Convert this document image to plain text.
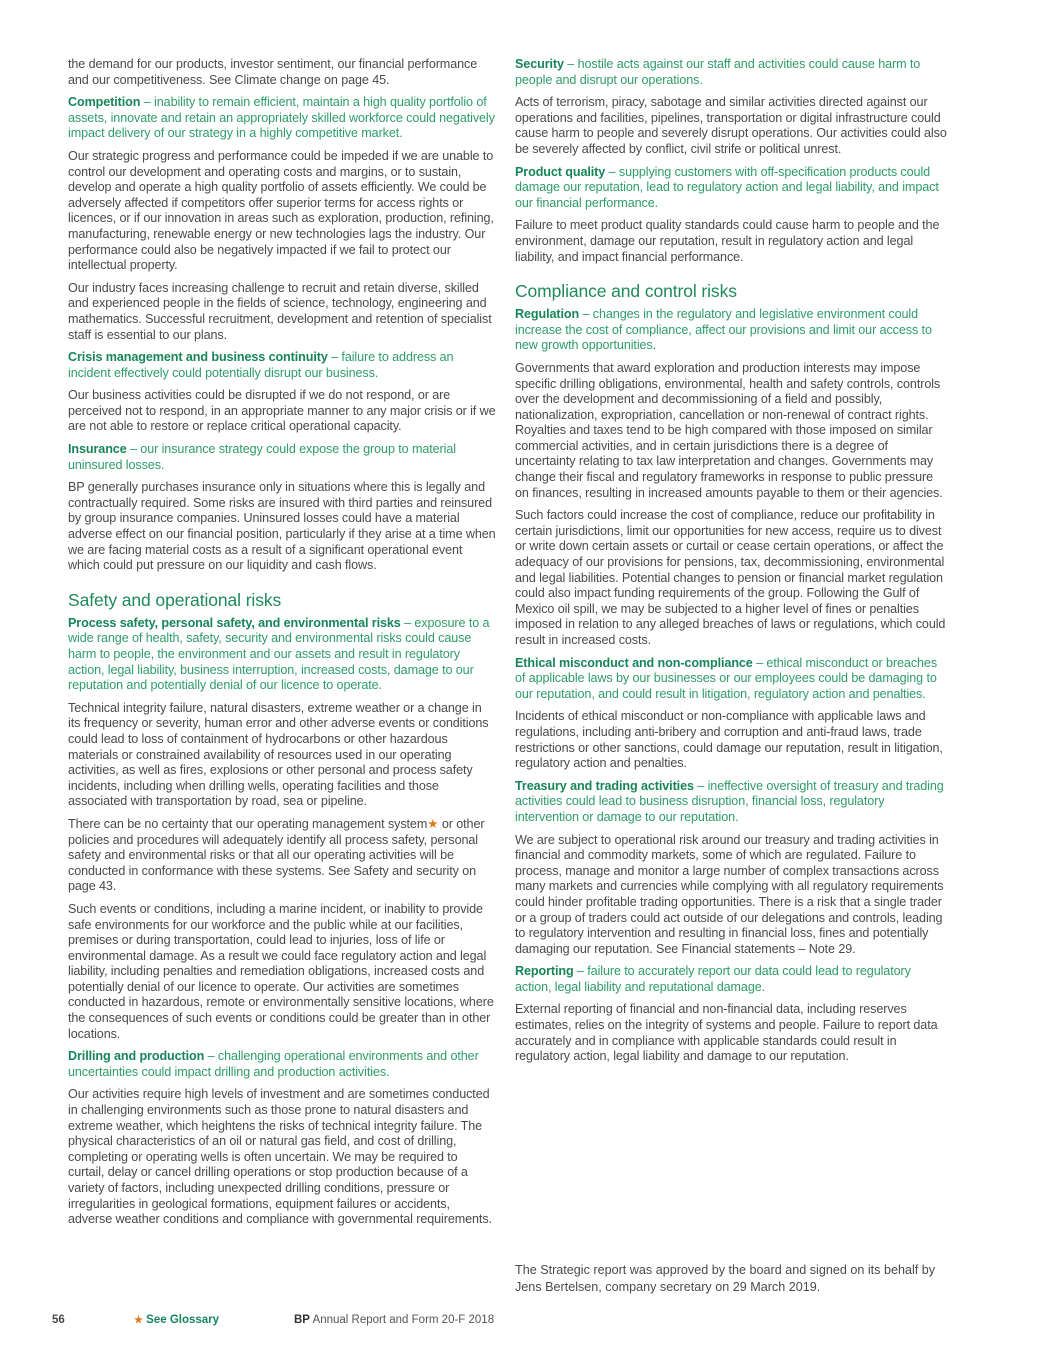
the demand for our products, investor sentiment, our financial performance and our competitiveness. See Climate change on page 45.

Competition – inability to remain efficient, maintain a high quality portfolio of assets, innovate and retain an appropriately skilled workforce could negatively impact delivery of our strategy in a highly competitive market.

Our strategic progress and performance could be impeded if we are unable to control our development and operating costs and margins, or to sustain, develop and operate a high quality portfolio of assets efficiently. We could be adversely affected if competitors offer superior terms for access rights or licences, or if our innovation in areas such as exploration, production, refining, manufacturing, renewable energy or new technologies lags the industry. Our performance could also be negatively impacted if we fail to protect our intellectual property.

Our industry faces increasing challenge to recruit and retain diverse, skilled and experienced people in the fields of science, technology, engineering and mathematics. Successful recruitment, development and retention of specialist staff is essential to our plans.

Crisis management and business continuity – failure to address an incident effectively could potentially disrupt our business.

Our business activities could be disrupted if we do not respond, or are perceived not to respond, in an appropriate manner to any major crisis or if we are not able to restore or replace critical operational capacity.

Insurance – our insurance strategy could expose the group to material uninsured losses.

BP generally purchases insurance only in situations where this is legally and contractually required. Some risks are insured with third parties and reinsured by group insurance companies. Uninsured losses could have a material adverse effect on our financial position, particularly if they arise at a time when we are facing material costs as a result of a significant operational event which could put pressure on our liquidity and cash flows.

Safety and operational risks

Process safety, personal safety, and environmental risks – exposure to a wide range of health, safety, security and environmental risks could cause harm to people, the environment and our assets and result in regulatory action, legal liability, business interruption, increased costs, damage to our reputation and potentially denial of our licence to operate.

Technical integrity failure, natural disasters, extreme weather or a change in its frequency or severity, human error and other adverse events or conditions could lead to loss of containment of hydrocarbons or other hazardous materials or constrained availability of resources used in our operating activities, as well as fires, explosions or other personal and process safety incidents, including when drilling wells, operating facilities and those associated with transportation by road, sea or pipeline.

There can be no certainty that our operating management system★ or other policies and procedures will adequately identify all process safety, personal safety and environmental risks or that all our operating activities will be conducted in conformance with these systems. See Safety and security on page 43.

Such events or conditions, including a marine incident, or inability to provide safe environments for our workforce and the public while at our facilities, premises or during transportation, could lead to injuries, loss of life or environmental damage. As a result we could face regulatory action and legal liability, including penalties and remediation obligations, increased costs and potentially denial of our licence to operate. Our activities are sometimes conducted in hazardous, remote or environmentally sensitive locations, where the consequences of such events or conditions could be greater than in other locations.

Drilling and production – challenging operational environments and other uncertainties could impact drilling and production activities.

Our activities require high levels of investment and are sometimes conducted in challenging environments such as those prone to natural disasters and extreme weather, which heightens the risks of technical integrity failure. The physical characteristics of an oil or natural gas field, and cost of drilling, completing or operating wells is often uncertain. We may be required to curtail, delay or cancel drilling operations or stop production because of a variety of factors, including unexpected drilling conditions, pressure or irregularities in geological formations, equipment failures or accidents, adverse weather conditions and compliance with governmental requirements.

Security – hostile acts against our staff and activities could cause harm to people and disrupt our operations.

Acts of terrorism, piracy, sabotage and similar activities directed against our operations and facilities, pipelines, transportation or digital infrastructure could cause harm to people and severely disrupt operations. Our activities could also be severely affected by conflict, civil strife or political unrest.

Product quality – supplying customers with off-specification products could damage our reputation, lead to regulatory action and legal liability, and impact our financial performance.

Failure to meet product quality standards could cause harm to people and the environment, damage our reputation, result in regulatory action and legal liability, and impact financial performance.

Compliance and control risks

Regulation – changes in the regulatory and legislative environment could increase the cost of compliance, affect our provisions and limit our access to new growth opportunities.

Governments that award exploration and production interests may impose specific drilling obligations, environmental, health and safety controls, controls over the development and decommissioning of a field and possibly, nationalization, expropriation, cancellation or non-renewal of contract rights. Royalties and taxes tend to be high compared with those imposed on similar commercial activities, and in certain jurisdictions there is a degree of uncertainty relating to tax law interpretation and changes. Governments may change their fiscal and regulatory frameworks in response to public pressure on finances, resulting in increased amounts payable to them or their agencies.

Such factors could increase the cost of compliance, reduce our profitability in certain jurisdictions, limit our opportunities for new access, require us to divest or write down certain assets or curtail or cease certain operations, or affect the adequacy of our provisions for pensions, tax, decommissioning, environmental and legal liabilities. Potential changes to pension or financial market regulation could also impact funding requirements of the group. Following the Gulf of Mexico oil spill, we may be subjected to a higher level of fines or penalties imposed in relation to any alleged breaches of laws or regulations, which could result in increased costs.

Ethical misconduct and non-compliance – ethical misconduct or breaches of applicable laws by our businesses or our employees could be damaging to our reputation, and could result in litigation, regulatory action and penalties.

Incidents of ethical misconduct or non-compliance with applicable laws and regulations, including anti-bribery and corruption and anti-fraud laws, trade restrictions or other sanctions, could damage our reputation, result in litigation, regulatory action and penalties.

Treasury and trading activities – ineffective oversight of treasury and trading activities could lead to business disruption, financial loss, regulatory intervention or damage to our reputation.

We are subject to operational risk around our treasury and trading activities in financial and commodity markets, some of which are regulated. Failure to process, manage and monitor a large number of complex transactions across many markets and currencies while complying with all regulatory requirements could hinder profitable trading opportunities. There is a risk that a single trader or a group of traders could act outside of our delegations and controls, leading to regulatory intervention and resulting in financial loss, fines and potentially damaging our reputation. See Financial statements – Note 29.

Reporting – failure to accurately report our data could lead to regulatory action, legal liability and reputational damage.

External reporting of financial and non-financial data, including reserves estimates, relies on the integrity of systems and people. Failure to report data accurately and in compliance with applicable standards could result in regulatory action, legal liability and damage to our reputation.

The Strategic report was approved by the board and signed on its behalf by Jens Bertelsen, company secretary on 29 March 2019.
56	★ See Glossary	BP Annual Report and Form 20-F 2018
